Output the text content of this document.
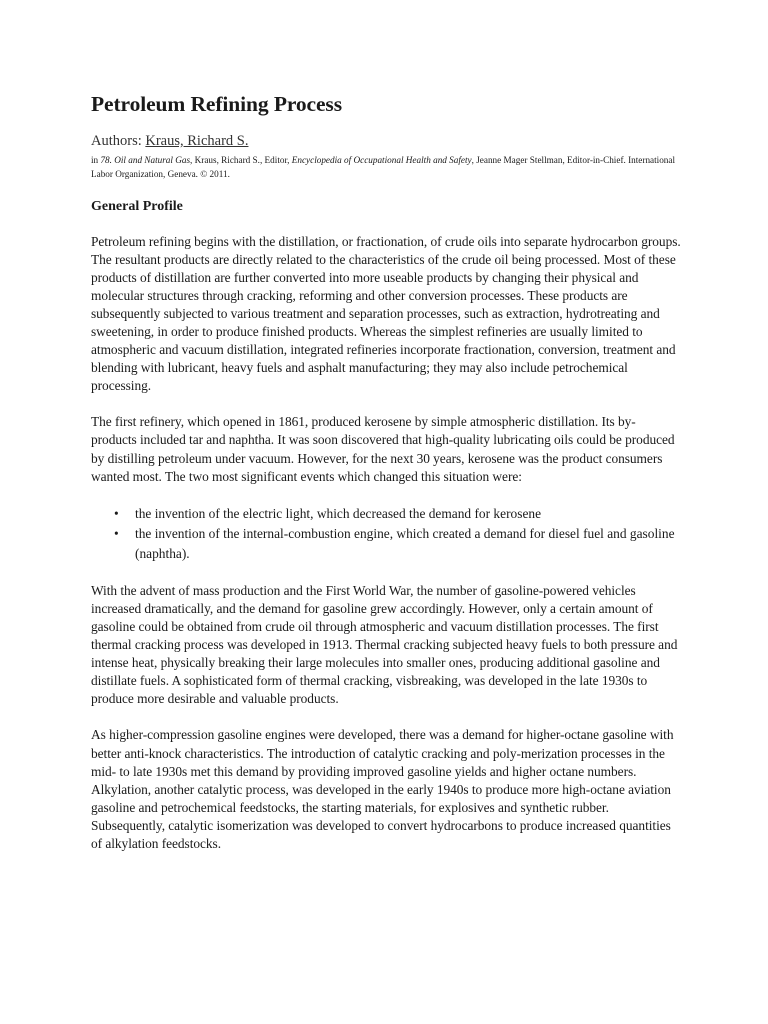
Petroleum Refining Process
Authors: Kraus, Richard S.
in 78. Oil and Natural Gas, Kraus, Richard S., Editor, Encyclopedia of Occupational Health and Safety, Jeanne Mager Stellman, Editor-in-Chief. International Labor Organization, Geneva. © 2011.
General Profile

Petroleum refining begins with the distillation, or fractionation, of crude oils into separate hydrocarbon groups. The resultant products are directly related to the characteristics of the crude oil being processed. Most of these products of distillation are further converted into more useable products by changing their physical and molecular structures through cracking, reforming and other conversion processes. These products are subsequently subjected to various treatment and separation processes, such as extraction, hydrotreating and sweetening, in order to produce finished products. Whereas the simplest refineries are usually limited to atmospheric and vacuum distillation, integrated refineries incorporate fractionation, conversion, treatment and blending with lubricant, heavy fuels and asphalt manufacturing; they may also include petrochemical processing.

The first refinery, which opened in 1861, produced kerosene by simple atmospheric distillation. Its by-products included tar and naphtha. It was soon discovered that high-quality lubricating oils could be produced by distilling petroleum under vacuum. However, for the next 30 years, kerosene was the product consumers wanted most. The two most significant events which changed this situation were:

• the invention of the electric light, which decreased the demand for kerosene
• the invention of the internal-combustion engine, which created a demand for diesel fuel and gasoline (naphtha).

With the advent of mass production and the First World War, the number of gasoline-powered vehicles increased dramatically, and the demand for gasoline grew accordingly. However, only a certain amount of gasoline could be obtained from crude oil through atmospheric and vacuum distillation processes. The first thermal cracking process was developed in 1913. Thermal cracking subjected heavy fuels to both pressure and intense heat, physically breaking their large molecules into smaller ones, producing additional gasoline and distillate fuels. A sophisticated form of thermal cracking, visbreaking, was developed in the late 1930s to produce more desirable and valuable products.

As higher-compression gasoline engines were developed, there was a demand for higher-octane gasoline with better anti-knock characteristics. The introduction of catalytic cracking and poly-merization processes in the mid- to late 1930s met this demand by providing improved gasoline yields and higher octane numbers. Alkylation, another catalytic process, was developed in the early 1940s to produce more high-octane aviation gasoline and petrochemical feedstocks, the starting materials, for explosives and synthetic rubber. Subsequently, catalytic isomerization was developed to convert hydrocarbons to produce increased quantities of alkylation feedstocks.
